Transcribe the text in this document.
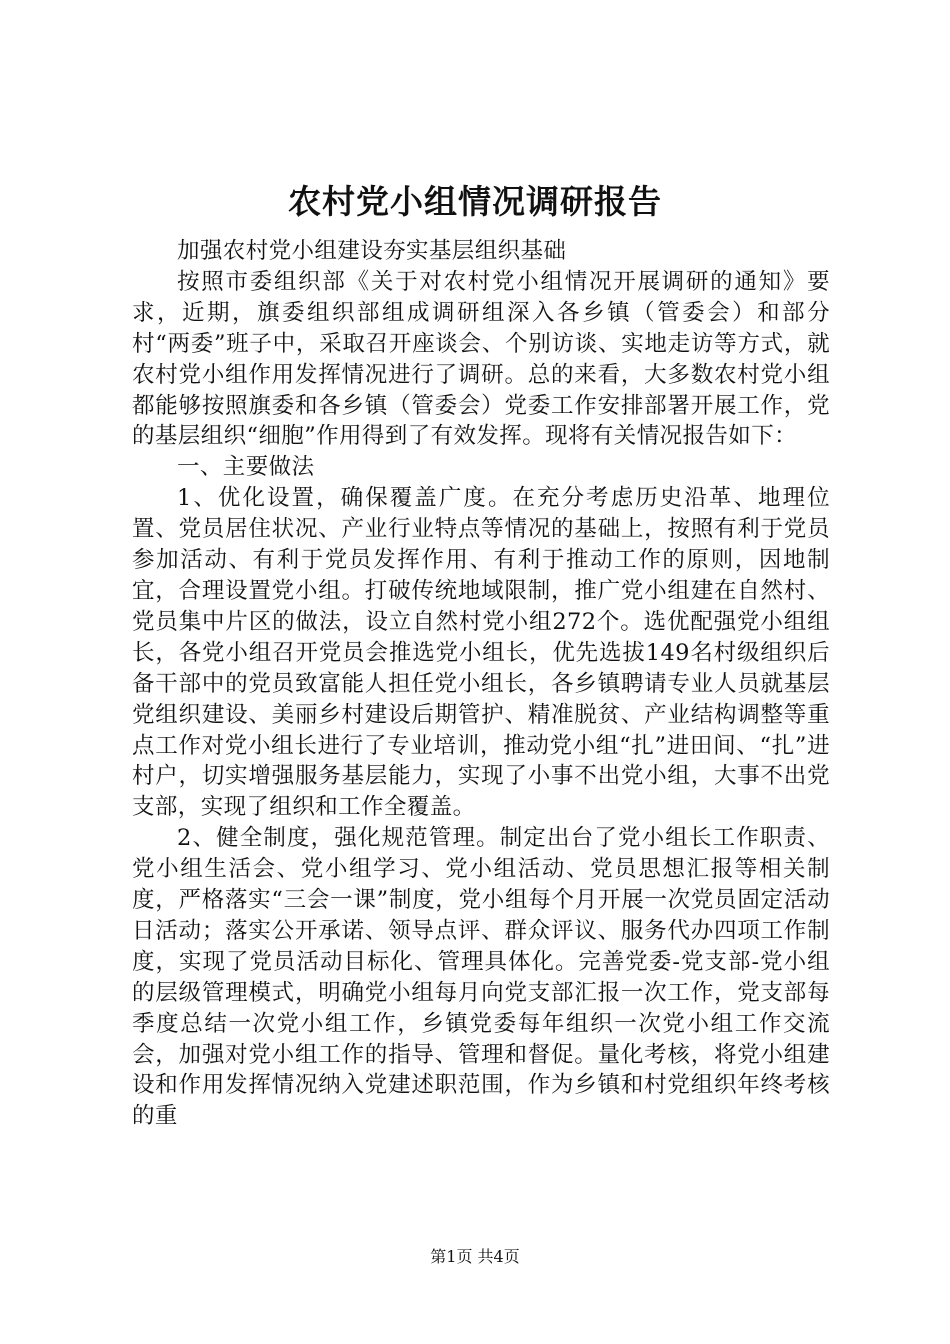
农村党小组情况调研报告

加强农村党小组建设夯实基层组织基础

按照市委组织部《关于对农村党小组情况开展调研的通知》要求，近期，旗委组织部组成调研组深入各乡镇（管委会）和部分村“两委”班子中，采取召开座谈会、个别访谈、实地走访等方式，就农村党小组作用发挥情况进行了调研。总的来看，大多数农村党小组都能够按照旗委和各乡镇（管委会）党委工作安排部署开展工作，党的基层组织“细胞”作用得到了有效发挥。现将有关情况报告如下：

一、主要做法

1、优化设置，确保覆盖广度。在充分考虑历史沿革、地理位置、党员居住状况、产业行业特点等情况的基础上，按照有利于党员参加活动、有利于党员发挥作用、有利于推动工作的原则，因地制宜，合理设置党小组。打破传统地域限制，推广党小组建在自然村、党员集中片区的做法，设立自然村党小组272个。选优配强党小组组长，各党小组召开党员会推选党小组长，优先选拔149名村级组织后备干部中的党员致富能人担任党小组长，各乡镇聘请专业人员就基层党组织建设、美丽乡村建设后期管护、精准脱贫、产业结构调整等重点工作对党小组长进行了专业培训，推动党小组“扎”进田间、“扎”进村户，切实增强服务基层能力，实现了小事不出党小组，大事不出党支部，实现了组织和工作全覆盖。

2、健全制度，强化规范管理。制定出台了党小组长工作职责、党小组生活会、党小组学习、党小组活动、党员思想汇报等相关制度，严格落实“三会一课”制度，党小组每个月开展一次党员固定活动日活动；落实公开承诺、领导点评、群众评议、服务代办四项工作制度，实现了党员活动目标化、管理具体化。完善党委-党支部-党小组的层级管理模式，明确党小组每月向党支部汇报一次工作，党支部每季度总结一次党小组工作，乡镇党委每年组织一次党小组工作交流会，加强对党小组工作的指导、管理和督促。量化考核，将党小组建设和作用发挥情况纳入党建述职范围，作为乡镇和村党组织年终考核的重

第1页 共4页
